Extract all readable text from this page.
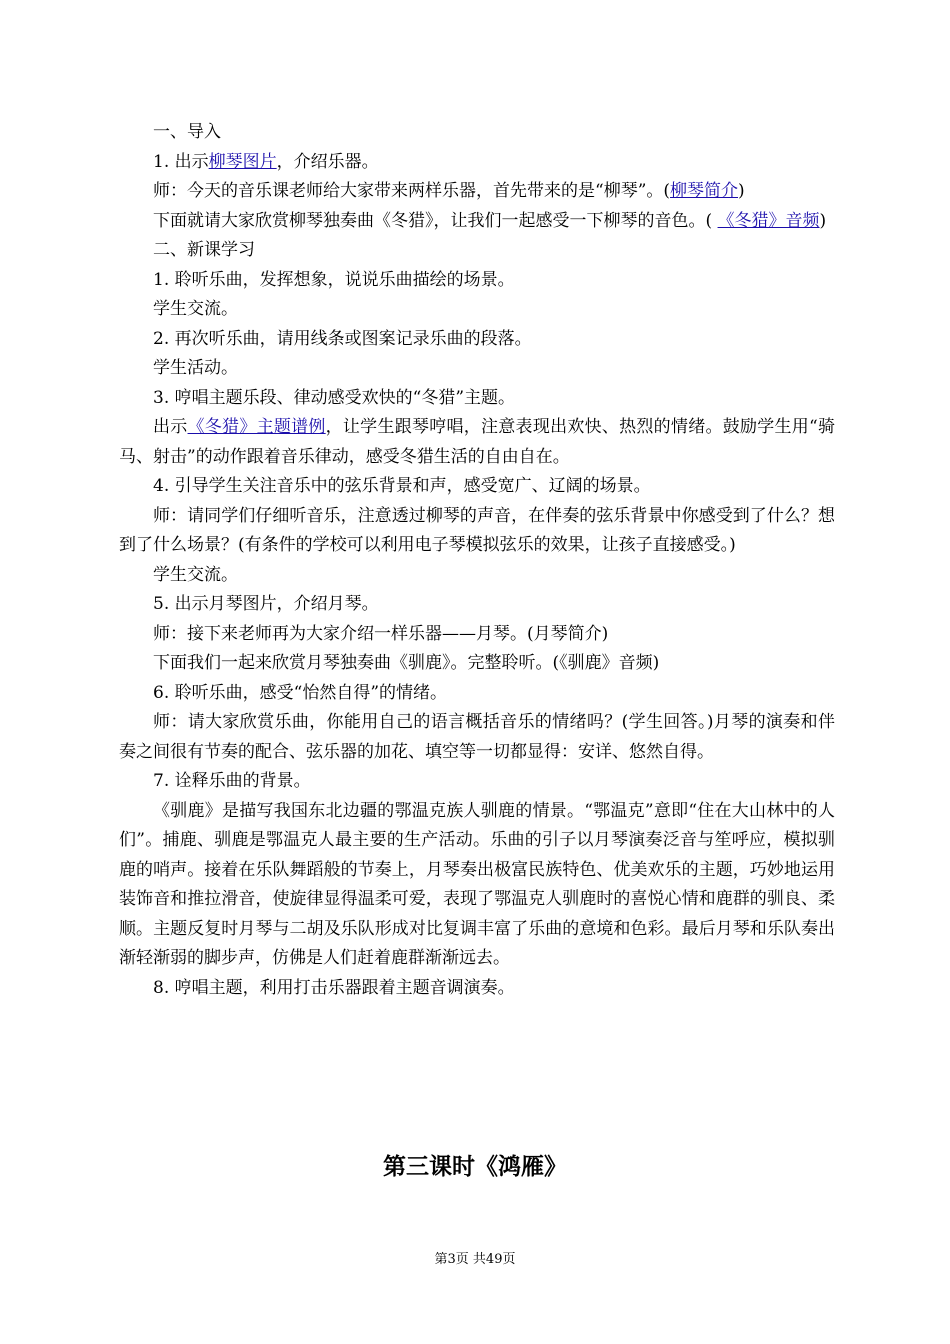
一、导入

1. 出示柳琴图片，介绍乐器。

师：今天的音乐课老师给大家带来两样乐器，首先带来的是“柳琴”。(柳琴简介)

下面就请大家欣赏柳琴独奏曲《冬猎》，让我们一起感受一下柳琴的音色。( 《冬猎》音频)

二、新课学习

1. 聆听乐曲，发挥想象，说说乐曲描绘的场景。

学生交流。

2. 再次听乐曲，请用线条或图案记录乐曲的段落。

学生活动。

3. 哼唱主题乐段、律动感受欢快的“冬猎”主题。

出示《冬猎》主题谱例，让学生跟琴哼唱，注意表现出欢快、热烈的情绪。鼓励学生用“骑马、射击”的动作跟着音乐律动，感受冬猎生活的自由自在。

4. 引导学生关注音乐中的弦乐背景和声，感受宽广、辽阔的场景。

师：请同学们仔细听音乐，注意透过柳琴的声音，在伴奏的弦乐背景中你感受到了什么？想到了什么场景？(有条件的学校可以利用电子琴模拟弦乐的效果，让孩子直接感受。)

学生交流。

5. 出示月琴图片，介绍月琴。

师：接下来老师再为大家介绍一样乐器——月琴。(月琴简介)

下面我们一起来欣赏月琴独奏曲《驯鹿》。完整聆听。(《驯鹿》音频)

6. 聆听乐曲，感受“怡然自得”的情绪。

师：请大家欣赏乐曲，你能用自己的语言概括音乐的情绪吗？(学生回答。)月琴的演奏和伴奏之间很有节奏的配合、弦乐器的加花、填空等一切都显得：安详、悠然自得。

7. 诠释乐曲的背景。

《驯鹿》是描写我国东北边疆的鄂温克族人驯鹿的情景。“鄂温克”意即“住在大山林中的人们”。捕鹿、驯鹿是鄂温克人最主要的生产活动。乐曲的引子以月琴演奏泛音与笙呼应，模拟驯鹿的哨声。接着在乐队舞蹈般的节奏上，月琴奏出极富民族特色、优美欢乐的主题，巧妙地运用装饰音和推拉滑音，使旋律显得温柔可爱，表现了鄂温克人驯鹿时的喜悦心情和鹿群的驯良、柔顺。主题反复时月琴与二胡及乐队形成对比复调丰富了乐曲的意境和色彩。最后月琴和乐队奏出渐轻渐弱的脚步声，仿佛是人们赶着鹿群渐渐远去。

8. 哼唱主题，利用打击乐器跟着主题音调演奏。

第三课时《鸿雁》
第3页 共49页
